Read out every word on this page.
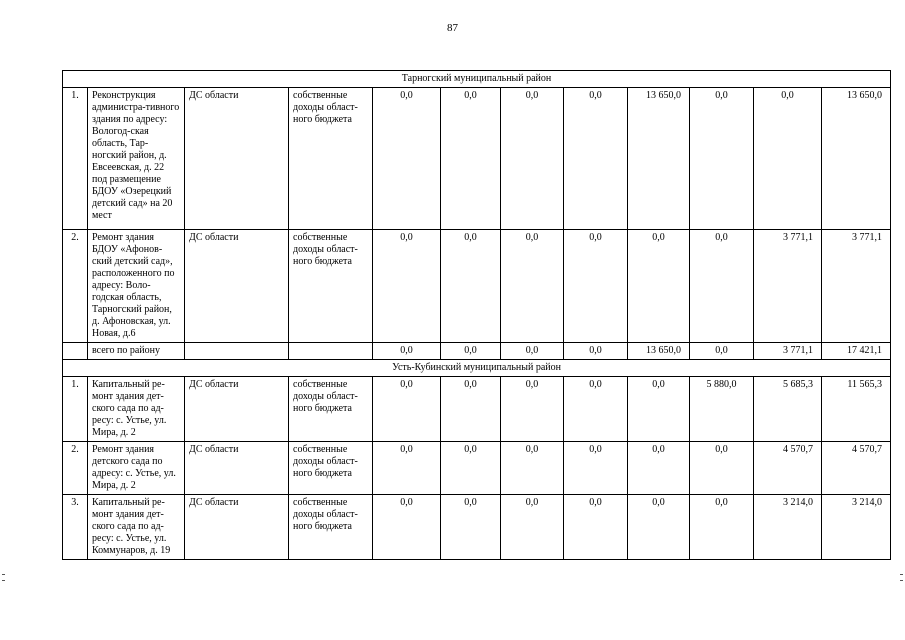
87
Тарногский муниципальный район											
1.	Реконструкция администра-тивного здания по адресу: Вологод-ская область, Тар-ногский район, д. Евсеевская, д. 22 под размещение БДОУ «Озерецкий детский сад» на 20 мест	ДС области	собственные доходы област-ного бюджета	0,0	0,0	0,0	0,0	13 650,0	0,0	0,0	13 650,0
2.	Ремонт здания БДОУ «Афонов-ский детский сад», расположенного по адресу: Воло-годская область, Тарногский район, д. Афоновская, ул. Новая, д.6	ДС области	собственные доходы област-ного бюджета	0,0	0,0	0,0	0,0	0,0	0,0	3 771,1	3 771,1
	всего по району			0,0	0,0	0,0	0,0	13 650,0	0,0	3 771,1	17 421,1
Усть-Кубинский муниципальный район											
1.	Капитальный ре-монт здания дет-ского сада по ад-ресу: с. Устье, ул. Мира, д. 2	ДС области	собственные доходы област-ного бюджета	0,0	0,0	0,0	0,0	0,0	5 880,0	5 685,3	11 565,3
2.	Ремонт здания детского сада по адресу: с. Устье, ул. Мира, д. 2	ДС области	собственные доходы област-ного бюджета	0,0	0,0	0,0	0,0	0,0	0,0	4 570,7	4 570,7
3.	Капитальный ре-монт здания дет-ского сада по ад-ресу: с. Устье, ул. Коммунаров, д. 19	ДС области	собственные доходы област-ного бюджета	0,0	0,0	0,0	0,0	0,0	0,0	3 214,0	3 214,0
